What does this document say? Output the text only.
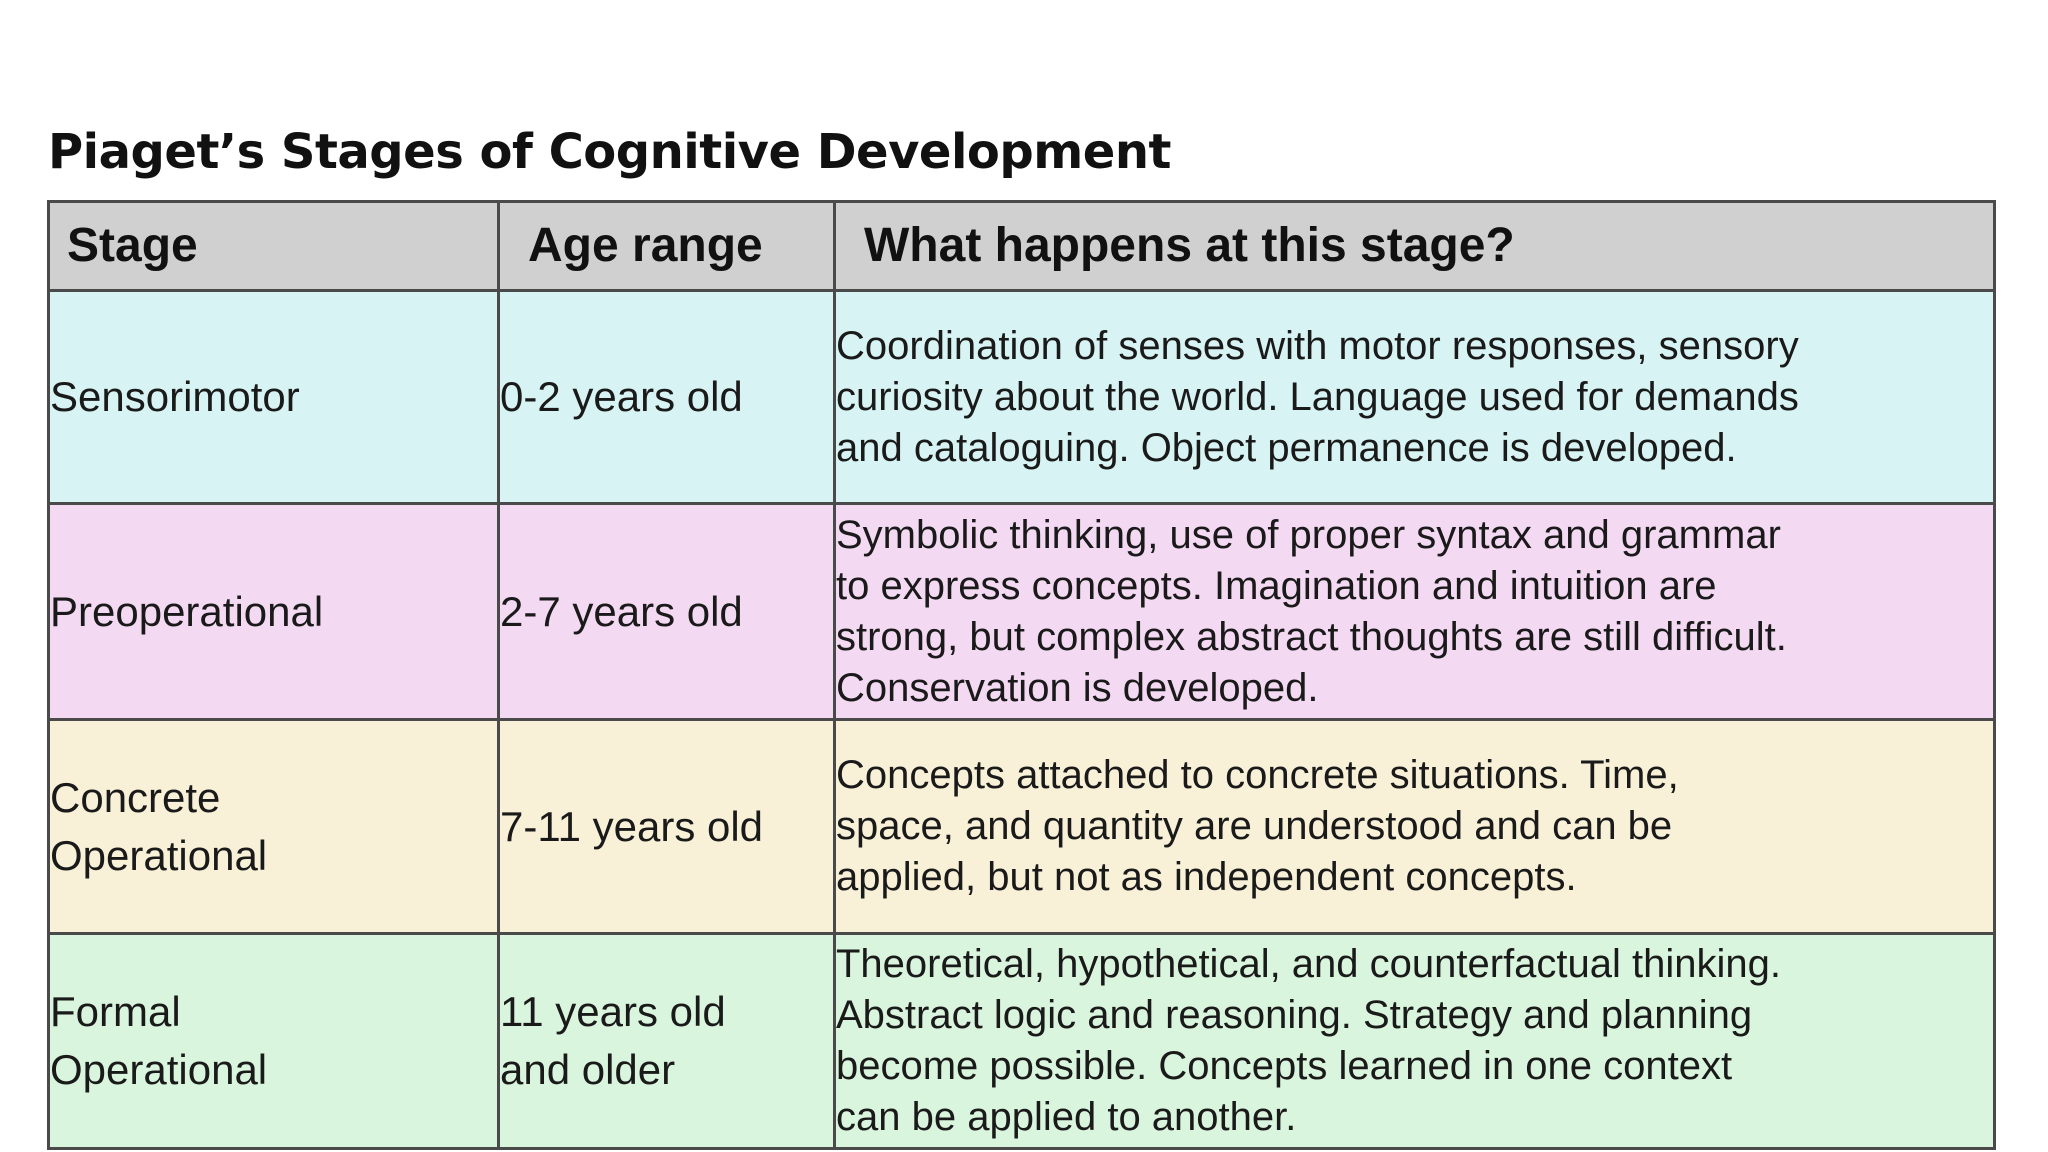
Piaget’s Stages of Cognitive Development
Stage	Age range	What happens at this stage?

Sensorimotor	0-2 years old	Coordination of senses with motor responses, sensory
curiosity about the world. Language used for demands
and cataloguing. Object permanence is developed.

Preoperational	2-7 years old	Symbolic thinking, use of proper syntax and grammar
to express concepts. Imagination and intuition are
strong, but complex abstract thoughts are still difficult.
Conservation is developed.

Concrete
Operational	7-11 years old	Concepts attached to concrete situations. Time,
space, and quantity are understood and can be
applied, but not as independent concepts.

Formal
Operational	11 years old
and older	Theoretical, hypothetical, and counterfactual thinking.
Abstract logic and reasoning. Strategy and planning
become possible. Concepts learned in one context
can be applied to another.
